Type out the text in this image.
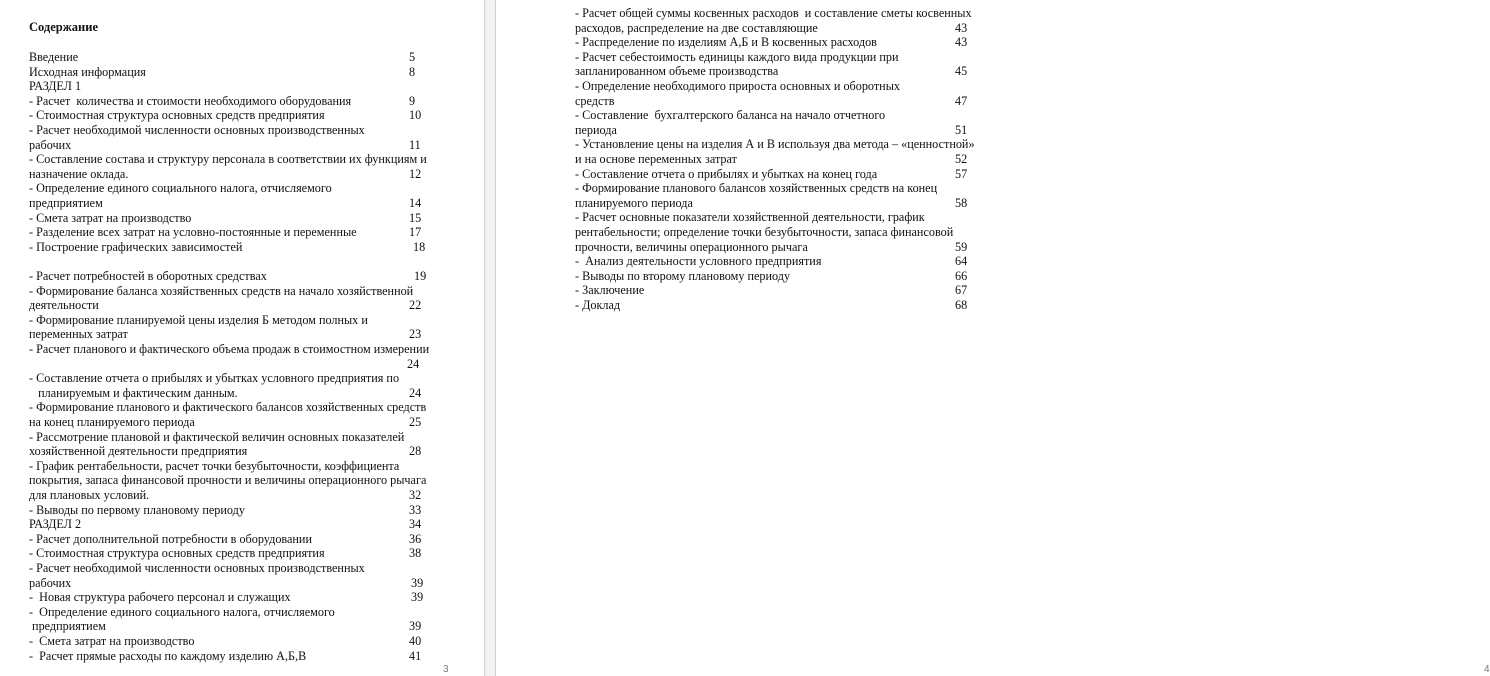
Содержание
Введение	5
Исходная информация	8
РАЗДЕЛ 1
- Расчет  количества и стоимости необходимого оборудования	9
- Стоимостная структура основных средств предприятия	10
- Расчет необходимой численности основных производственных
рабочих	11
- Составление состава и структуру персонала в соответствии их функциям и
назначение оклада.	12
- Определение единого социального налога, отчисляемого
предприятием	14
- Смета затрат на производство	15
- Разделение всех затрат на условно-постоянные и переменные	17
- Построение графических зависимостей	18
- Расчет потребностей в оборотных средствах	19
- Формирование баланса хозяйственных средств на начало хозяйственной
деятельности	22
- Формирование планируемой цены изделия Б методом полных и
переменных затрат	23
- Расчет планового и фактического объема продаж в стоимостном измерении
24
- Составление отчета о прибылях и убытках условного предприятия по
планируемым и фактическим данным.	24
- Формирование планового и фактического балансов хозяйственных средств
на конец планируемого периода	25
- Рассмотрение плановой и фактической величин основных показателей
хозяйственной деятельности предприятия	28
- График рентабельности, расчет точки безубыточности, коэффициента
покрытия, запаса финансовой прочности и величины операционного рычага
для плановых условий.	32
- Выводы по первому плановому периоду	33
РАЗДЕЛ 2	34
- Расчет дополнительной потребности в оборудовании	36
- Стоимостная структура основных средств предприятия	38
- Расчет необходимой численности основных производственных
рабочих	39
-  Новая структура рабочего персонал и служащих	39
-  Определение единого социального налога, отчисляемого
предприятием	39
-  Смета затрат на производство	40
-  Расчет прямые расходы по каждому изделию А,Б,В	41
3
- Расчет общей суммы косвенных расходов  и составление сметы косвенных
расходов, распределение на две составляющие	43
- Распределение по изделиям А,Б и В косвенных расходов	43
- Расчет себестоимость единицы каждого вида продукции при
запланированном объеме производства	45
- Определение необходимого прироста основных и оборотных
средств	47
- Составление  бухгалтерского баланса на начало отчетного
периода	51
- Установление цены на изделия А и В используя два метода – «ценностной»
и на основе переменных затрат	52
- Составление отчета о прибылях и убытках на конец года	57
- Формирование планового балансов хозяйственных средств на конец
планируемого периода	58
- Расчет основные показатели хозяйственной деятельности, график
рентабельности; определение точки безубыточности, запаса финансовой
прочности, величины операционного рычага	59
-  Анализ деятельности условного предприятия	64
- Выводы по второму плановому периоду	66
- Заключение	67
- Доклад	68
4
